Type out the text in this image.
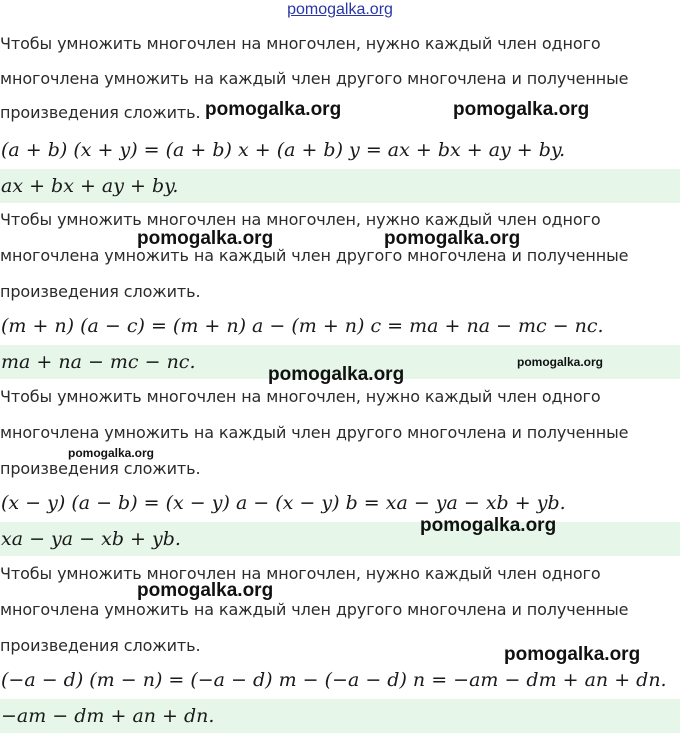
pomogalka.org
Чтобы умножить многочлен на многочлен, нужно каждый член одного
многочлена умножить на каждый член другого многочлена и полученные
произведения сложить.
(a + b) (x + y) = (a + b) x + (a + b) y = ax + bx + ay + by.
ax + bx + ay + by.
Чтобы умножить многочлен на многочлен, нужно каждый член одного
многочлена умножить на каждый член другого многочлена и полученные
произведения сложить.
(m + n) (a − c) = (m + n) a − (m + n) c = ma + na − mc − nc.
ma + na − mc − nc.
Чтобы умножить многочлен на многочлен, нужно каждый член одного
многочлена умножить на каждый член другого многочлена и полученные
произведения сложить.
(x − y) (a − b) = (x − y) a − (x − y) b = xa − ya − xb + yb.
xa − ya − xb + yb.
Чтобы умножить многочлен на многочлен, нужно каждый член одного
многочлена умножить на каждый член другого многочлена и полученные
произведения сложить.
(−a − d) (m − n) = (−a − d) m − (−a − d) n = −am − dm + an + dn.
−am − dm + an + dn.
pomogalka.org	pomogalka.org
pomogalka.org	pomogalka.org
pomogalka.org
pomogalka.org
pomogalka.org
pomogalka.org
pomogalka.org
pomogalka.org
